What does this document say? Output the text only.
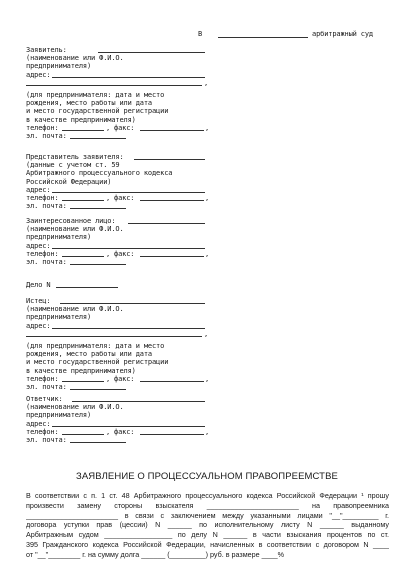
В	арбитражный суд
Заявитель:
(наименование или Ф.И.О.
предпринимателя)
адрес:
,
(для предпринимателя: дата и место
рождения, место работы или дата
и место государственной регистрации
в качестве предпринимателя)
телефон:	, факс:	,
эл. почта:
Представитель заявителя:
(данные с учетом ст. 59
Арбитражного процессуального кодекса
Российской Федерации)
адрес:
телефон:	, факс:	,
эл. почта:
Заинтересованное лицо:
(наименование или Ф.И.О.
предпринимателя)
адрес:
телефон:	, факс:	,
эл. почта:
Дело N
Истец:
(наименование или Ф.И.О.
предпринимателя)
адрес:
,
(для предпринимателя: дата и место
рождения, место работы или дата
и место государственной регистрации
в качестве предпринимателя)
телефон:	, факс:	,
эл. почта:
Ответчик:
(наименование или Ф.И.О.
предпринимателя)
адрес:
телефон:	, факс:	,
эл. почта:
ЗАЯВЛЕНИЕ О ПРОЦЕССУАЛЬНОМ ПРАВОПРЕЕМСТВЕ
В соответствии с п. 1 ст. 48 Арбитражного процессуального кодекса Российской Федерации ¹ прошу
произвести замену стороны взыскателя _______________________ на правопреемника
_______________________ в связи с заключением между указанными лицами "__"_________ г.
договора уступки прав (цессии) N ______ по исполнительному листу N ______ выданному
Арбитражным судом _________________ по делу N ______ в части взыскания процентов по ст.
395 Гражданского кодекса Российской Федерации, начисленных в соответствии с договором N ____
от "__"________ г. на сумму долга ______ (_________) руб. в размере ____%
